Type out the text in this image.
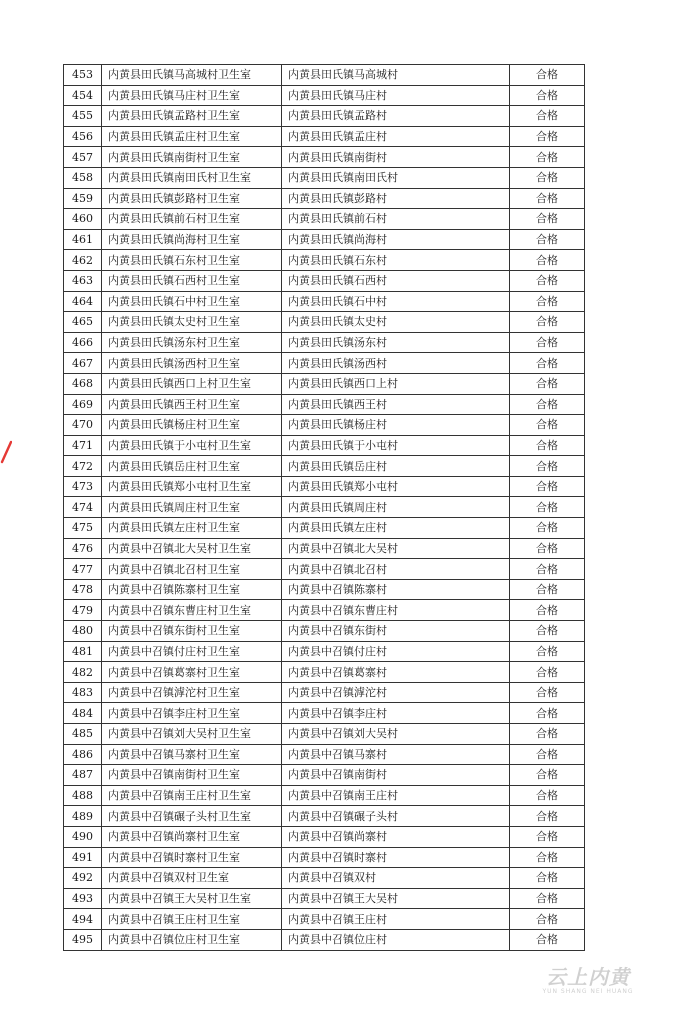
453	内黄县田氏镇马高城村卫生室	内黄县田氏镇马高城村	合格
454	内黄县田氏镇马庄村卫生室	内黄县田氏镇马庄村	合格
455	内黄县田氏镇孟路村卫生室	内黄县田氏镇孟路村	合格
456	内黄县田氏镇孟庄村卫生室	内黄县田氏镇孟庄村	合格
457	内黄县田氏镇南街村卫生室	内黄县田氏镇南街村	合格
458	内黄县田氏镇南田氏村卫生室	内黄县田氏镇南田氏村	合格
459	内黄县田氏镇彭路村卫生室	内黄县田氏镇彭路村	合格
460	内黄县田氏镇前石村卫生室	内黄县田氏镇前石村	合格
461	内黄县田氏镇尚海村卫生室	内黄县田氏镇尚海村	合格
462	内黄县田氏镇石东村卫生室	内黄县田氏镇石东村	合格
463	内黄县田氏镇石西村卫生室	内黄县田氏镇石西村	合格
464	内黄县田氏镇石中村卫生室	内黄县田氏镇石中村	合格
465	内黄县田氏镇太史村卫生室	内黄县田氏镇太史村	合格
466	内黄县田氏镇汤东村卫生室	内黄县田氏镇汤东村	合格
467	内黄县田氏镇汤西村卫生室	内黄县田氏镇汤西村	合格
468	内黄县田氏镇西口上村卫生室	内黄县田氏镇西口上村	合格
469	内黄县田氏镇西王村卫生室	内黄县田氏镇西王村	合格
470	内黄县田氏镇杨庄村卫生室	内黄县田氏镇杨庄村	合格
471	内黄县田氏镇于小屯村卫生室	内黄县田氏镇于小屯村	合格
472	内黄县田氏镇岳庄村卫生室	内黄县田氏镇岳庄村	合格
473	内黄县田氏镇郑小屯村卫生室	内黄县田氏镇郑小屯村	合格
474	内黄县田氏镇周庄村卫生室	内黄县田氏镇周庄村	合格
475	内黄县田氏镇左庄村卫生室	内黄县田氏镇左庄村	合格
476	内黄县中召镇北大吴村卫生室	内黄县中召镇北大吴村	合格
477	内黄县中召镇北召村卫生室	内黄县中召镇北召村	合格
478	内黄县中召镇陈寨村卫生室	内黄县中召镇陈寨村	合格
479	内黄县中召镇东曹庄村卫生室	内黄县中召镇东曹庄村	合格
480	内黄县中召镇东街村卫生室	内黄县中召镇东街村	合格
481	内黄县中召镇付庄村卫生室	内黄县中召镇付庄村	合格
482	内黄县中召镇葛寨村卫生室	内黄县中召镇葛寨村	合格
483	内黄县中召镇滹沱村卫生室	内黄县中召镇滹沱村	合格
484	内黄县中召镇李庄村卫生室	内黄县中召镇李庄村	合格
485	内黄县中召镇刘大吴村卫生室	内黄县中召镇刘大吴村	合格
486	内黄县中召镇马寨村卫生室	内黄县中召镇马寨村	合格
487	内黄县中召镇南街村卫生室	内黄县中召镇南街村	合格
488	内黄县中召镇南王庄村卫生室	内黄县中召镇南王庄村	合格
489	内黄县中召镇碾子头村卫生室	内黄县中召镇碾子头村	合格
490	内黄县中召镇尚寨村卫生室	内黄县中召镇尚寨村	合格
491	内黄县中召镇时寨村卫生室	内黄县中召镇时寨村	合格
492	内黄县中召镇双村卫生室	内黄县中召镇双村	合格
493	内黄县中召镇王大吴村卫生室	内黄县中召镇王大吴村	合格
494	内黄县中召镇王庄村卫生室	内黄县中召镇王庄村	合格
495	内黄县中召镇位庄村卫生室	内黄县中召镇位庄村	合格
云上内黄
YUN SHANG NEI HUANG
